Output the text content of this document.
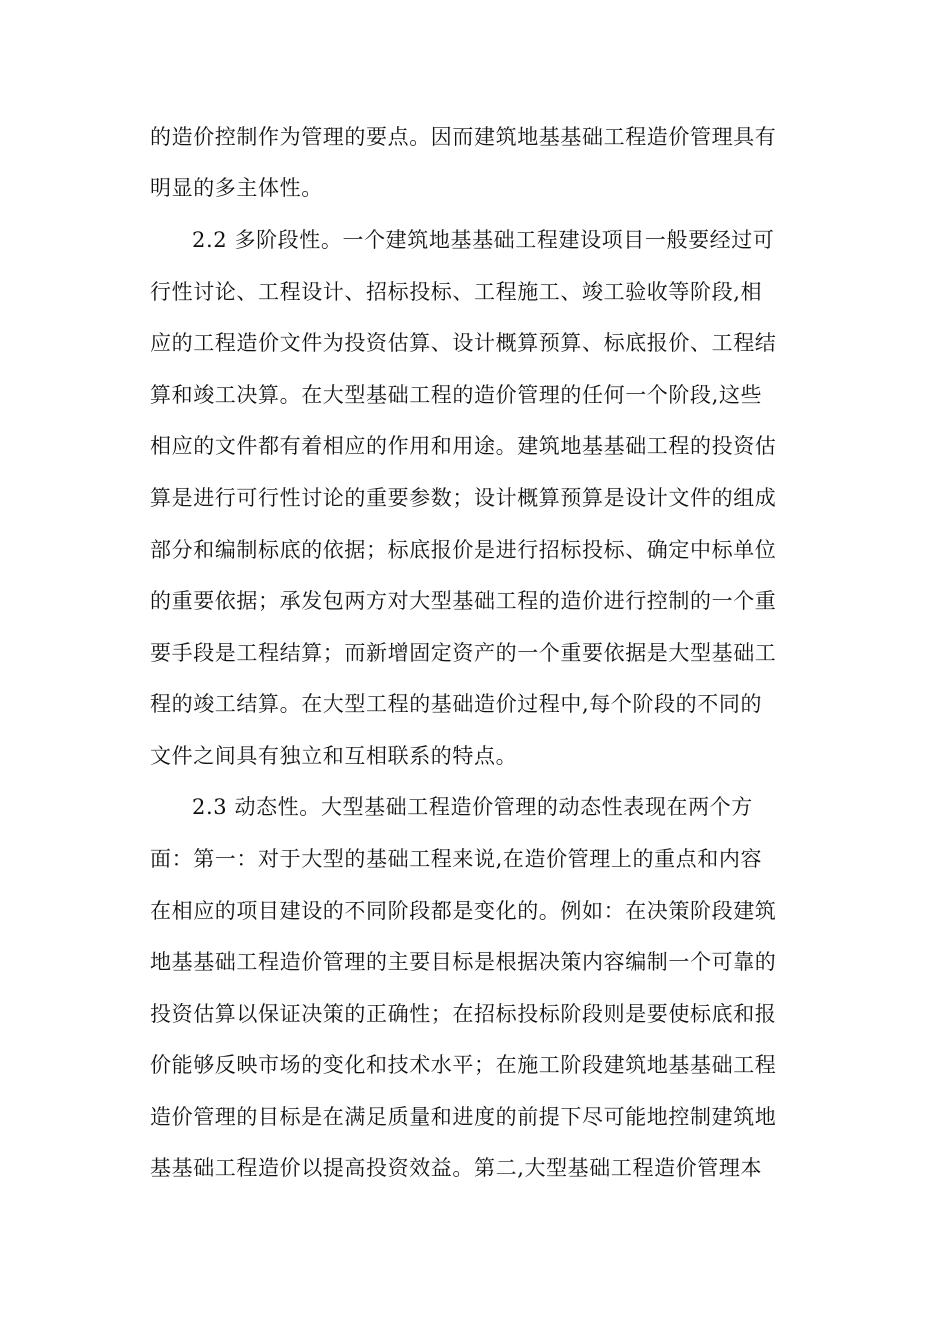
的造价控制作为管理的要点。因而建筑地基基础工程造价管理具有
明显的多主体性。
2.2 多阶段性。一个建筑地基基础工程建设项目一般要经过可
行性讨论、工程设计、招标投标、工程施工、竣工验收等阶段,相
应的工程造价文件为投资估算、设计概算预算、标底报价、工程结
算和竣工决算。在大型基础工程的造价管理的任何一个阶段,这些
相应的文件都有着相应的作用和用途。建筑地基基础工程的投资估
算是进行可行性讨论的重要参数；设计概算预算是设计文件的组成
部分和编制标底的依据；标底报价是进行招标投标、确定中标单位
的重要依据；承发包两方对大型基础工程的造价进行控制的一个重
要手段是工程结算；而新增固定资产的一个重要依据是大型基础工
程的竣工结算。在大型工程的基础造价过程中,每个阶段的不同的
文件之间具有独立和互相联系的特点。
2.3 动态性。大型基础工程造价管理的动态性表现在两个方
面：第一：对于大型的基础工程来说,在造价管理上的重点和内容
在相应的项目建设的不同阶段都是变化的。例如：在决策阶段建筑
地基基础工程造价管理的主要目标是根据决策内容编制一个可靠的
投资估算以保证决策的正确性；在招标投标阶段则是要使标底和报
价能够反映市场的变化和技术水平；在施工阶段建筑地基基础工程
造价管理的目标是在满足质量和进度的前提下尽可能地控制建筑地
基基础工程造价以提高投资效益。第二,大型基础工程造价管理本
